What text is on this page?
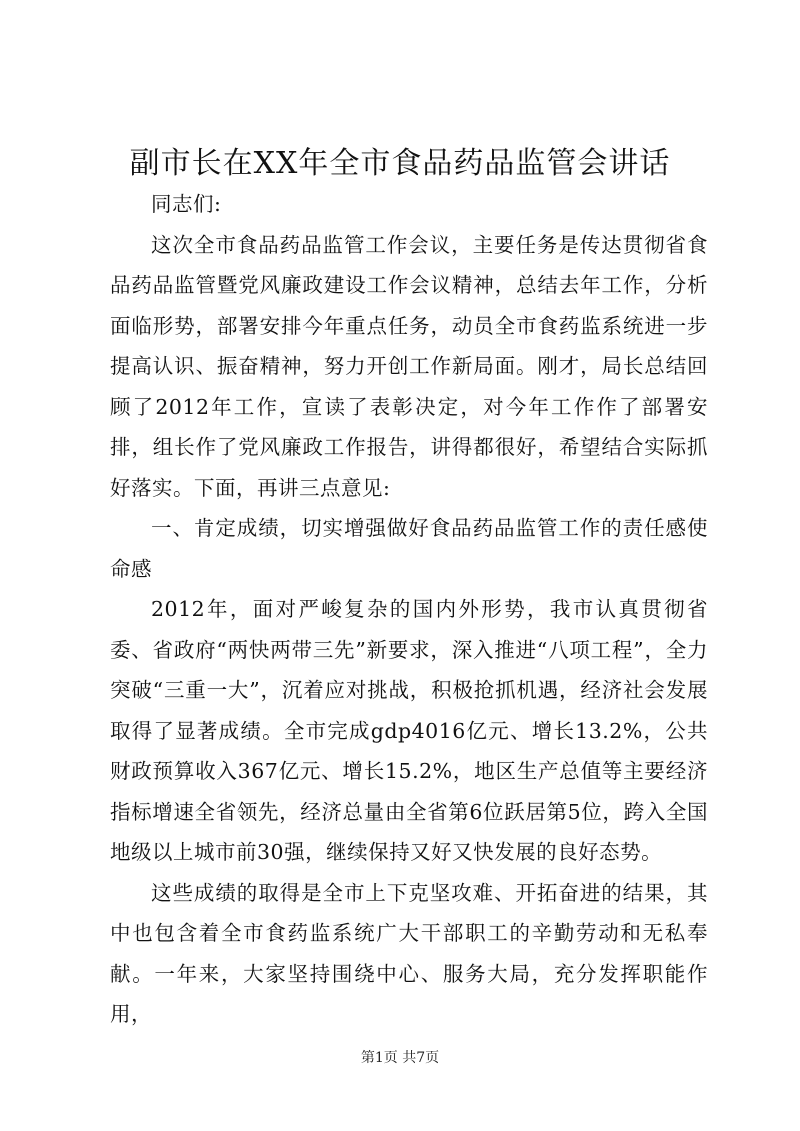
副市长在XX年全市食品药品监管会讲话

同志们:

这次全市食品药品监管工作会议，主要任务是传达贯彻省食品药品监管暨党风廉政建设工作会议精神，总结去年工作，分析面临形势，部署安排今年重点任务，动员全市食药监系统进一步提高认识、振奋精神，努力开创工作新局面。刚才，局长总结回顾了2012年工作，宣读了表彰决定，对今年工作作了部署安排，组长作了党风廉政工作报告，讲得都很好，希望结合实际抓好落实。下面，再讲三点意见:

一、肯定成绩，切实增强做好食品药品监管工作的责任感使命感

2012年，面对严峻复杂的国内外形势，我市认真贯彻省委、省政府“两快两带三先”新要求，深入推进“八项工程”，全力突破“三重一大”，沉着应对挑战，积极抢抓机遇，经济社会发展取得了显著成绩。全市完成gdp4016亿元、增长13.2%，公共财政预算收入367亿元、增长15.2%，地区生产总值等主要经济指标增速全省领先，经济总量由全省第6位跃居第5位，跨入全国地级以上城市前30强，继续保持又好又快发展的良好态势。

这些成绩的取得是全市上下克坚攻难、开拓奋进的结果，其中也包含着全市食药监系统广大干部职工的辛勤劳动和无私奉献。一年来，大家坚持围绕中心、服务大局，充分发挥职能作用，

第1页 共7页
